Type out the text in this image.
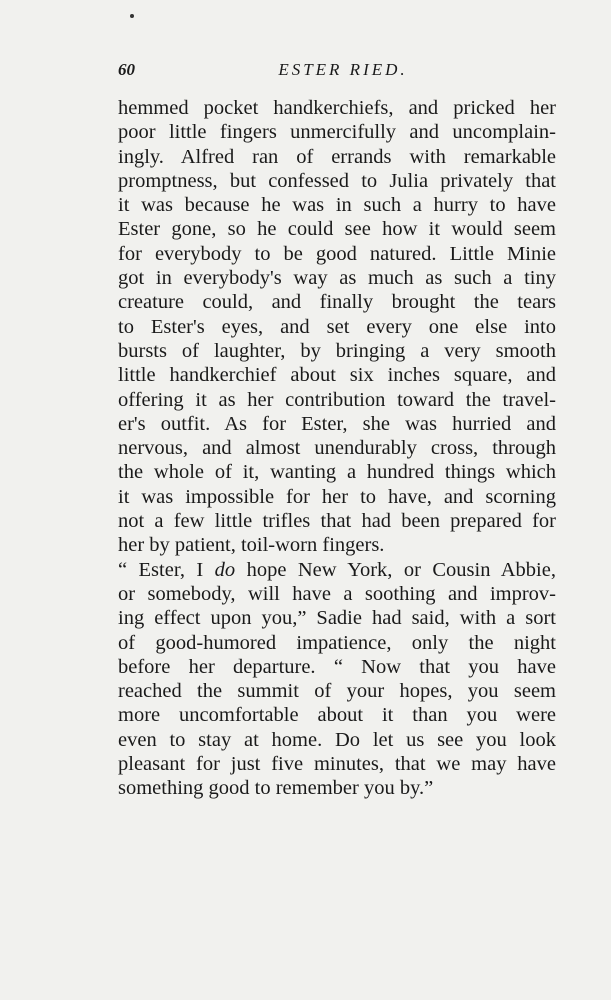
60	ESTER RIED.
hemmed pocket handkerchiefs, and pricked her
poor little fingers unmercifully and uncomplain-
ingly. Alfred ran of errands with remarkable
promptness, but confessed to Julia privately that
it was because he was in such a hurry to have
Ester gone, so he could see how it would seem
for everybody to be good natured. Little Minie
got in everybody's way as much as such a tiny
creature could, and finally brought the tears
to Ester's eyes, and set every one else into
bursts of laughter, by bringing a very smooth
little handkerchief about six inches square, and
offering it as her contribution toward the travel-
er's outfit. As for Ester, she was hurried and
nervous, and almost unendurably cross, through
the whole of it, wanting a hundred things which
it was impossible for her to have, and scorning
not a few little trifles that had been prepared for
her by patient, toil-worn fingers.
“ Ester, I do hope New York, or Cousin Abbie,
or somebody, will have a soothing and improv-
ing effect upon you,” Sadie had said, with a sort
of good-humored impatience, only the night
before her departure. “ Now that you have
reached the summit of your hopes, you seem
more uncomfortable about it than you were
even to stay at home. Do let us see you look
pleasant for just five minutes, that we may have
something good to remember you by.”
